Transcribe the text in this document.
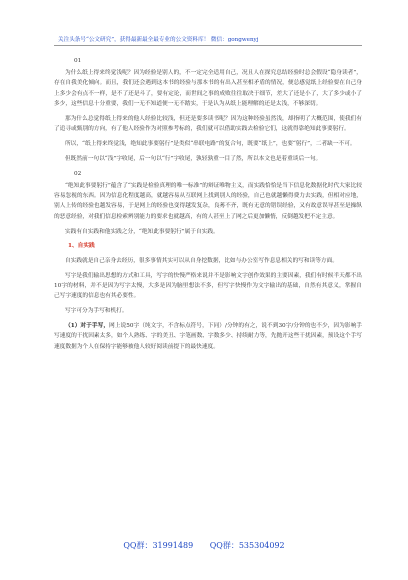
关注头条号“公文研究”，获得最新最全最专业的公文资料库！ 微信：gongwenyj
01

为什么纸上得来终觉浅呢？因为经验是别人的，不一定完全适用自己，况且人在探究总结经验时总会假设“隐身读者”，存在自我美化倾向。而且，我们还会遇到这本书的经验与那本书的有出入甚至相矛盾的情况，便总感觉纸上经验要在自己身上多少会有点不一样，是不了还是斗了，要有定论，而世间之事的成败往往取决于细节，差大了还是小了，大了多少或小了多少，这些信息十分重要，我们一无不知道便一无不踏实，于是认为从纸上能理解的还是太浅，不够深切。

那为什么总觉得纸上得来的他人经验比较浅，但还是要多读书呢？因为这种经验虽然浅，却指明了大概范围，使我们有了追寻或甄别的方向，有了他人经验作为对照参考标的，我们就可以借助实践去检验它们，这就得靠绝知此事要躬行。

所以，“纸上得来终觉浅，绝知此事要躬行”是类似“串联电路”的复合句，既要“纸上”，也要“躬行”，二者缺一不可。

但既然前一句以“浅”字收尾，后一句以“行”字收尾，孰轻孰重一目了然，所以本文也是着重谈后一句。

02

“绝知此事要躬行”蕴含了“实践是检验真理的唯一标准”的辩证唯物主义，而实践恰恰是当下信息化数据化时代大家比较容易忽视的东西。因为信息化程度越高，就越容易从互联网上找到别人的经验，自己也就越懒得费力去实践，但相对应地，别人上传的经验也越发容易，于是网上的经验也变得越发复杂，良莠不齐，既有无意的错误经验，又有故意误导甚至是操纵的恶意经验，对我们信息检索辨别能力的要求也就越高，有的人甚至上了网之后更加懒惰，反倒越发把不定主意。

实践有自实践和他实践之分，“绝知此事要躬行”属于自实践。

1、自实践

自实践就是自己亲身去经历，很多事情其实可以从自身挖数据，比如与办公室写作息息相关的写和读等方面。

写字是我们输出思想的方式和工具，写字的快慢严格来说并不是影响文字创作效果的主要因素，我们有时候半天都不出10字的材料，并不是因为写字太慢，大多是因为脑里想法不多，但写字快慢作为文字输出的基础，自然有其意义，掌握自己写字速度的信息也有其必要性。

写字可分为手写和机打。

（1）对于手写，网上说50字（纯文字，不含标点符号，下同）/分钟的有之，说不到30字/分钟的也不少，因为影响手写速度的干扰因素太多，如个人熟练、字的美丑、字笔画数、字数多少、持续耐力等，先抛开这些干扰因素，预设这个手写速度数据为个人在保持字能够被他人较好阅读前提下的最快速度。

QQ群：31991489 QQ群：535304092
